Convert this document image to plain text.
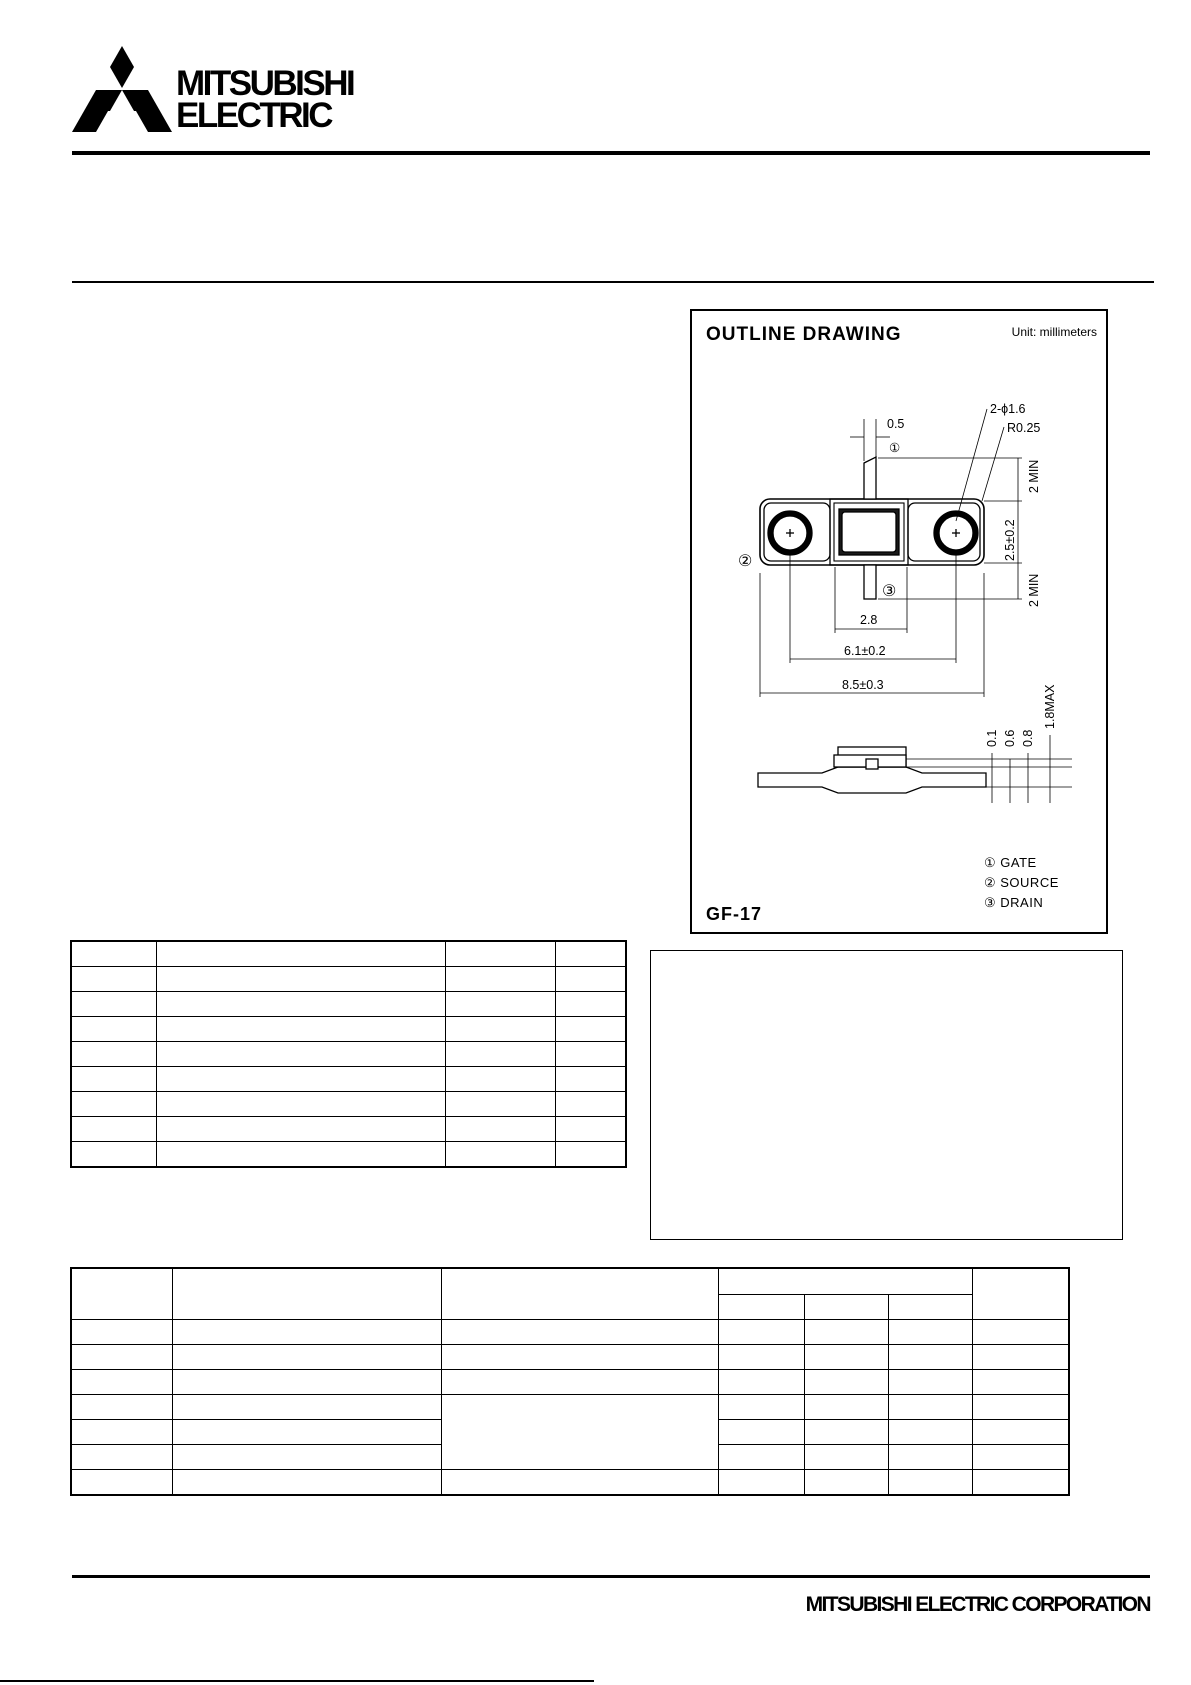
MITSUBISHI
ELECTRIC
OUTLINE DRAWING	Unit: millimeters
2-ϕ1.6
R0.25
0.5
①
②
③
2.8
6.1±0.2
8.5±0.3
2 MIN
2.5±0.2
2 MIN
0.1 0.6 0.8
1.8MAX
① GATE
② SOURCE
③ DRAIN
GF-17

MITSUBISHI ELECTRIC CORPORATION
